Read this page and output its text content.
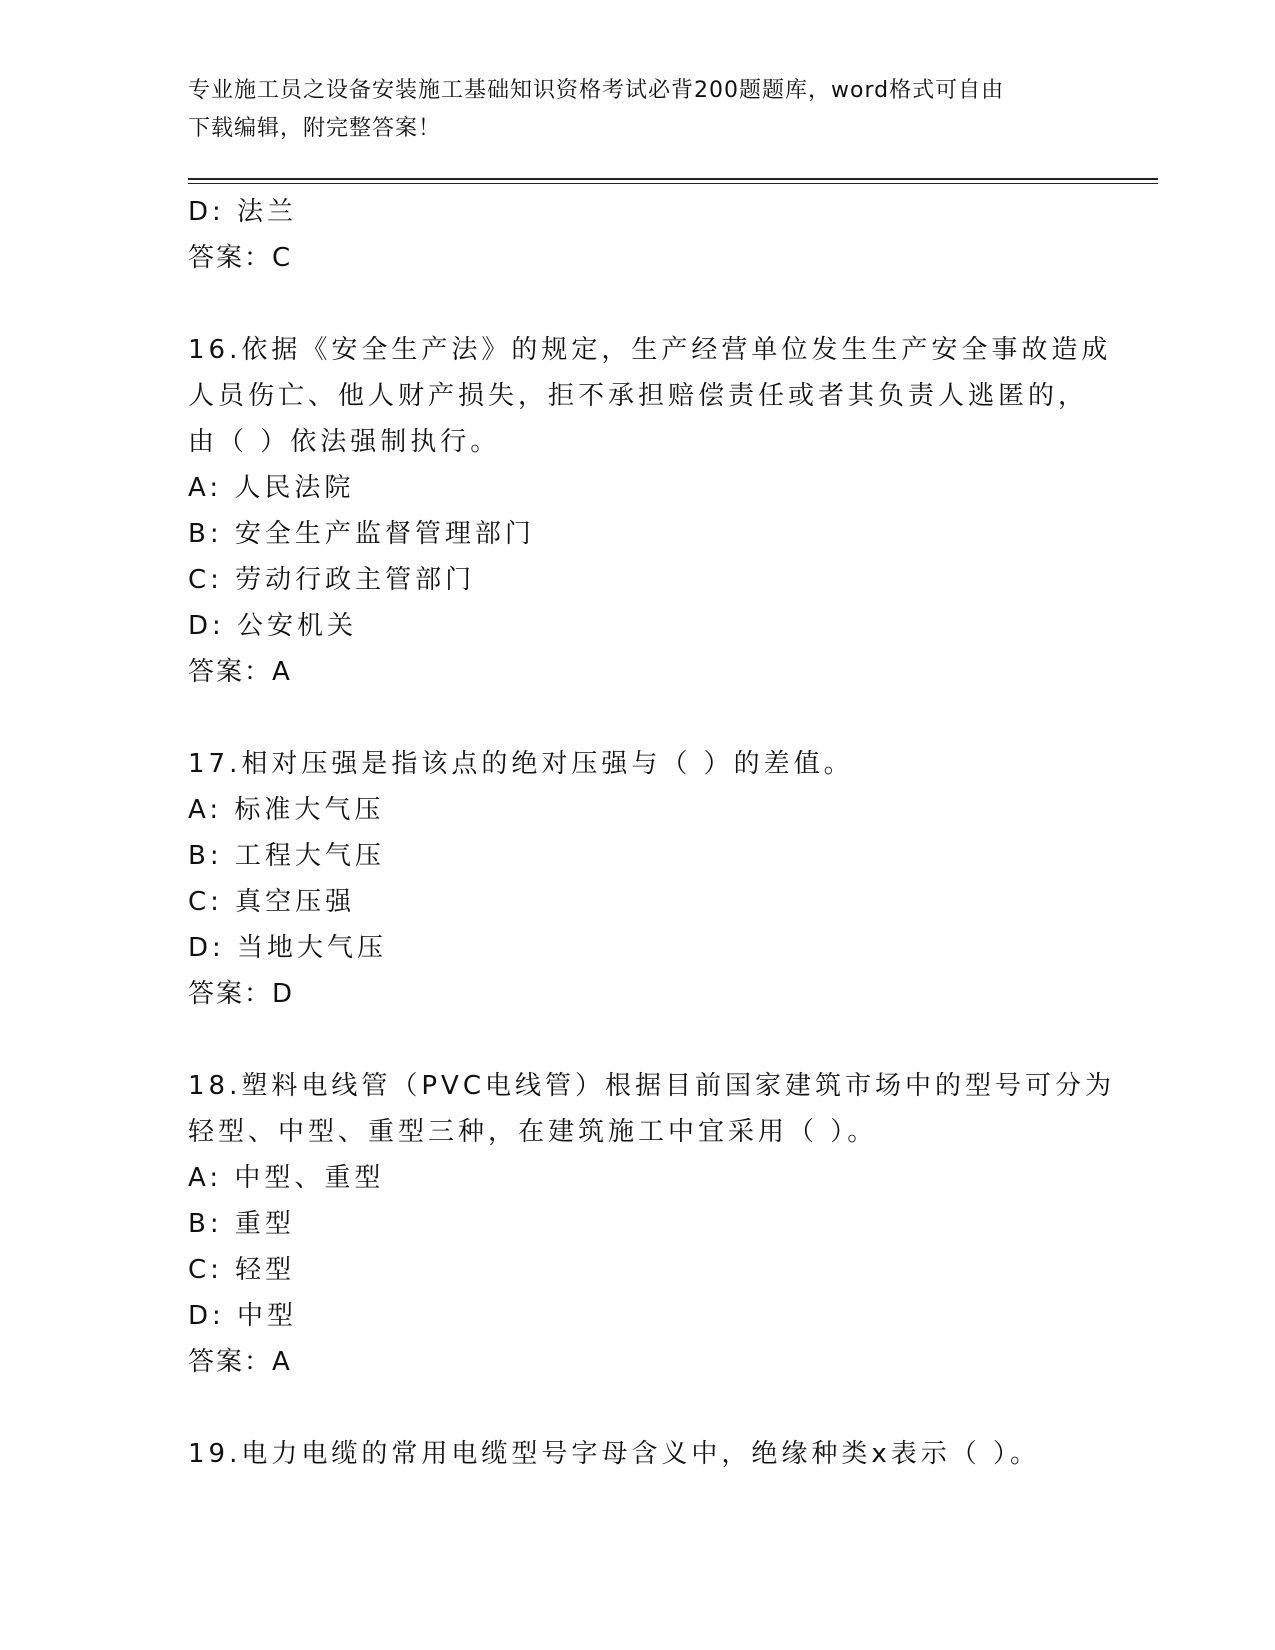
专业施工员之设备安装施工基础知识资格考试必背200题题库，word格式可自由
下载编辑，附完整答案！
D: 法兰
答案：C
16.依据《安全生产法》的规定，生产经营单位发生生产安全事故造成
人员伤亡、他人财产损失，拒不承担赔偿责任或者其负责人逃匿的，
由（ ）依法强制执行。
A: 人民法院
B: 安全生产监督管理部门
C: 劳动行政主管部门
D: 公安机关
答案：A
17.相对压强是指该点的绝对压强与（ ）的差值。
A: 标准大气压
B: 工程大气压
C: 真空压强
D: 当地大气压
答案：D
18.塑料电线管（PVC电线管）根据目前国家建筑市场中的型号可分为
轻型、中型、重型三种，在建筑施工中宜采用（ ）。
A: 中型、重型
B: 重型
C: 轻型
D: 中型
答案：A
19.电力电缆的常用电缆型号字母含义中，绝缘种类x表示（ ）。
